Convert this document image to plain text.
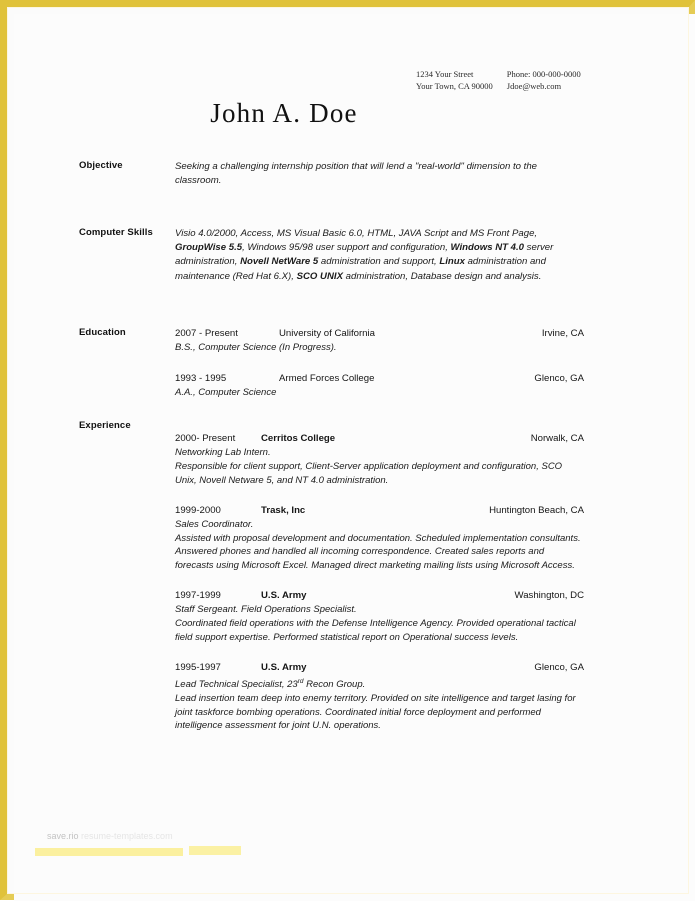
1234 Your Street
Your Town, CA 90000
Phone: 000-000-0000
Jdoe@web.com
John A. Doe
Objective	Seeking a challenging internship position that will lend a "real-world" dimension to the classroom.
Computer Skills	Visio 4.0/2000, Access, MS Visual Basic 6.0, HTML, JAVA Script and MS Front Page, GroupWise 5.5, Windows 95/98 user support and configuration, Windows NT 4.0 server administration, Novell NetWare 5 administration and support, Linux administration and maintenance (Red Hat 6.X), SCO UNIX administration, Database design and analysis.
Education	2007 - Present	University of California	Irvine, CA
B.S., Computer Science (In Progress).
1993 - 1995	Armed Forces College	Glenco, GA
A.A., Computer Science
Experience
2000- Present	Cerritos College	Norwalk, CA
Networking Lab Intern.
Responsible for client support, Client-Server application deployment and configuration, SCO Unix, Novell Netware 5, and NT 4.0 administration.
1999-2000	Trask, Inc	Huntington Beach, CA
Sales Coordinator.
Assisted with proposal development and documentation. Scheduled implementation consultants. Answered phones and handled all incoming correspondence. Created sales reports and forecasts using Microsoft Excel. Managed direct marketing mailing lists using Microsoft Access.
1997-1999	U.S. Army	Washington, DC
Staff Sergeant. Field Operations Specialist.
Coordinated field operations with the Defense Intelligence Agency. Provided operational tactical field support expertise. Performed statistical report on Operational success levels.
1995-1997	U.S. Army	Glenco, GA
Lead Technical Specialist, 23rd Recon Group.
Lead insertion team deep into enemy territory. Provided on site intelligence and target lasing for joint taskforce bombing operations. Coordinated initial force deployment and performed intelligence assessment for joint U.N. operations.
save.rio resume-templates.com
